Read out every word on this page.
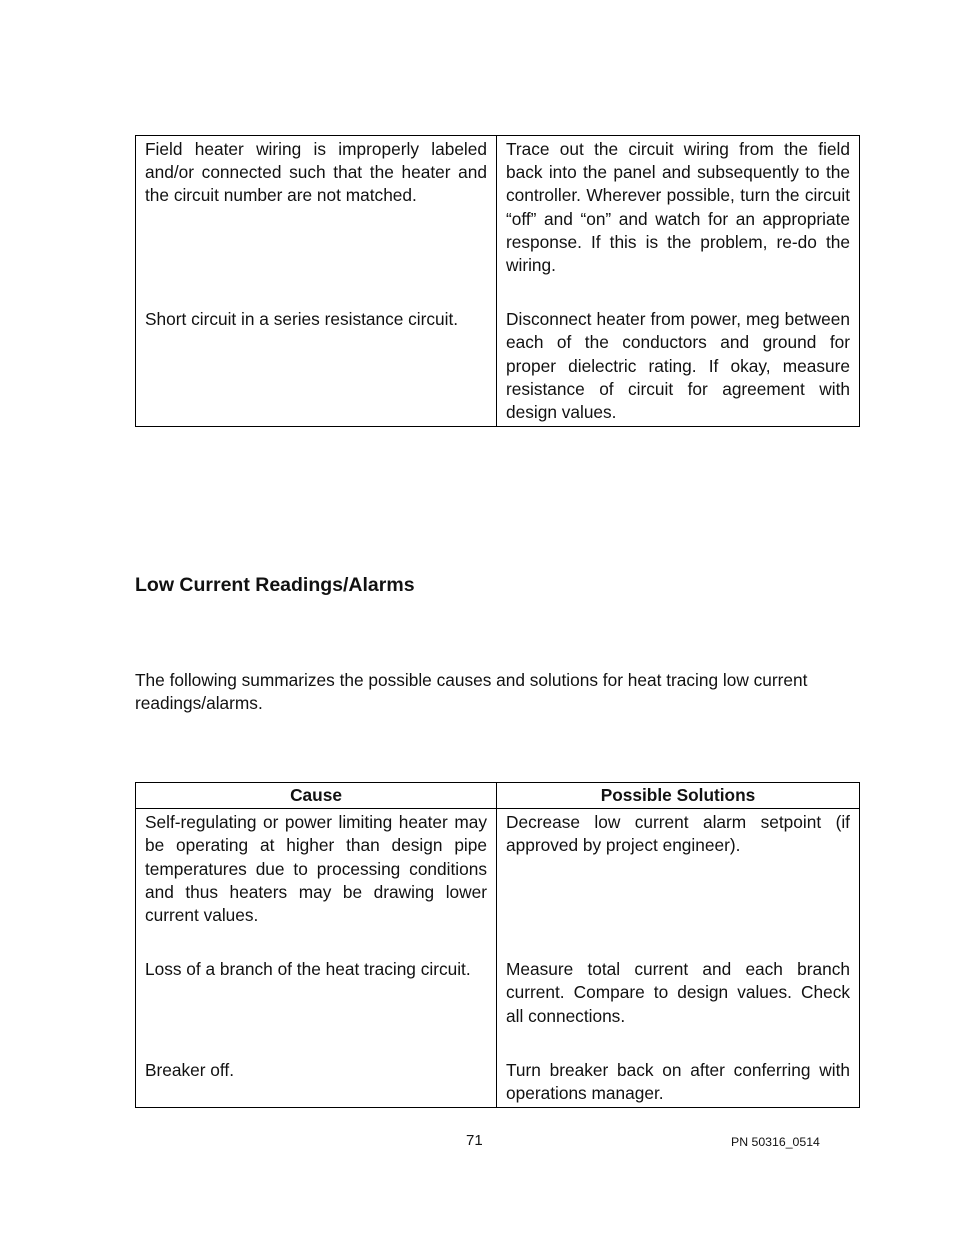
Field heater wiring is improperly labeled and/or connected such that the heater and the circuit number are not matched.	Trace out the circuit wiring from the field back into the panel and subsequently to the controller. Wherever possible, turn the circuit “off” and “on” and watch for an appropriate response. If this is the problem, re-do the wiring.

Short circuit in a series resistance circuit.	Disconnect heater from power, meg between each of the conductors and ground for proper dielectric rating. If okay, measure resistance of circuit for agreement with design values.
Low Current Readings/Alarms

The following summarizes the possible causes and solutions for heat tracing low current readings/alarms.

Cause	Possible Solutions
Self-regulating or power limiting heater may be operating at higher than design pipe temperatures due to processing conditions and thus heaters may be drawing lower current values.	Decrease low current alarm setpoint (if approved by project engineer).

Loss of a branch of the heat tracing circuit.	Measure total current and each branch current. Compare to design values. Check all connections.

Breaker off.	Turn breaker back on after conferring with operations manager.
71	PN 50316_0514
